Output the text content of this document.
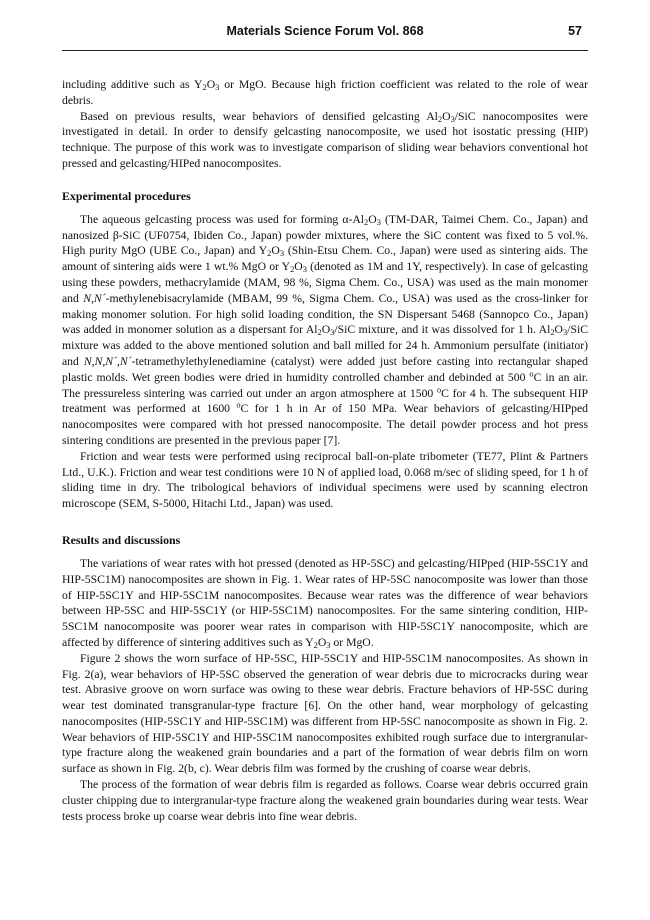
Materials Science Forum Vol. 868	57

including additive such as $Y_2O_3$ or MgO. Because high friction coefficient was related to the role of wear debris.

Based on previous results, wear behaviors of densified gelcasting $Al_2O_3$/SiC nanocomposites were investigated in detail. In order to densify gelcasting nanocomposite, we used hot isostatic pressing (HIP) technique. The purpose of this work was to investigate comparison of sliding wear behaviors conventional hot pressed and gelcasting/HIPed nanocomposites.

Experimental procedures

The aqueous gelcasting process was used for forming $\alpha-Al_2O_3$ (TM-DAR, Taimei Chem. Co., Japan) and nanosized β-SiC (UF0754, Ibiden Co., Japan) powder mixtures, where the SiC content was fixed to 5 vol.%. High purity MgO (UBE Co., Japan) and $Y_2O_3$ (Shin-Etsu Chem. Co., Japan) were used as sintering aids. The amount of sintering aids were 1 wt.% MgO or $Y_2O_3$ (denoted as 1M and 1Y, respectively). In case of gelcasting using these powders, methacrylamide (MAM, 98 %, Sigma Chem. Co., USA) was used as the main monomer and N,N´-methylenebisacrylamide (MBAM, 99 %, Sigma Chem. Co., USA) was used as the cross-linker for making monomer solution. For high solid loading condition, the SN Dispersant 5468 (Sannopco Co., Japan) was added in monomer solution as a dispersant for $Al_2O_3$/SiC mixture, and it was dissolved for 1 h. $Al_2O_3$/SiC mixture was added to the above mentioned solution and ball milled for 24 h. Ammonium persulfate (initiator) and N,N,N´,N´-tetramethylethylenediamine (catalyst) were added just before casting into rectangular shaped plastic molds. Wet green bodies were dried in humidity controlled chamber and debinded at 500 $^o$C in an air. The pressureless sintering was carried out under an argon atmosphere at 1500 $^o$C for 4 h. The subsequent HIP treatment was performed at 1600 $^o$C for 1 h in Ar of 150 MPa. Wear behaviors of gelcasting/HIPped nanocomposites were compared with hot pressed nanocomposite. The detail powder process and hot press sintering conditions are presented in the previous paper [7].

Friction and wear tests were performed using reciprocal ball-on-plate tribometer (TE77, Plint & Partners Ltd., U.K.). Friction and wear test conditions were 10 N of applied load, 0.068 m/sec of sliding speed, for 1 h of sliding time in dry. The tribological behaviors of individual specimens were used by scanning electron microscope (SEM, S-5000, Hitachi Ltd., Japan) was used.

Results and discussions

The variations of wear rates with hot pressed (denoted as HP-5SC) and gelcasting/HIPped (HIP-5SC1Y and HIP-5SC1M) nanocomposites are shown in Fig. 1. Wear rates of HP-5SC nanocomposite was lower than those of HIP-5SC1Y and HIP-5SC1M nanocomposites. Because wear rates was the difference of wear behaviors between HP-5SC and HIP-5SC1Y (or HIP-5SC1M) nanocomposites. For the same sintering condition, HIP-5SC1M nanocomposite was poorer wear rates in comparison with HIP-5SC1Y nanocomposite, which are affected by difference of sintering additives such as $Y_2O_3$ or MgO.

Figure 2 shows the worn surface of HP-5SC, HIP-5SC1Y and HIP-5SC1M nanocomposites. As shown in Fig. 2(a), wear behaviors of HP-5SC observed the generation of wear debris due to microcracks during wear test. Abrasive groove on worn surface was owing to these wear debris. Fracture behaviors of HP-5SC during wear test dominated transgranular-type fracture [6]. On the other hand, wear morphology of gelcasting nanocomposites (HIP-5SC1Y and HIP-5SC1M) was different from HP-5SC nanocomposite as shown in Fig. 2. Wear behaviors of HIP-5SC1Y and HIP-5SC1M nanocomposites exhibited rough surface due to intergranular-type fracture along the weakened grain boundaries and a part of the formation of wear debris film on worn surface as shown in Fig. 2(b, c). Wear debris film was formed by the crushing of coarse wear debris.

The process of the formation of wear debris film is regarded as follows. Coarse wear debris occurred grain cluster chipping due to intergranular-type fracture along the weakened grain boundaries during wear tests. Wear tests process broke up coarse wear debris into fine wear debris.
